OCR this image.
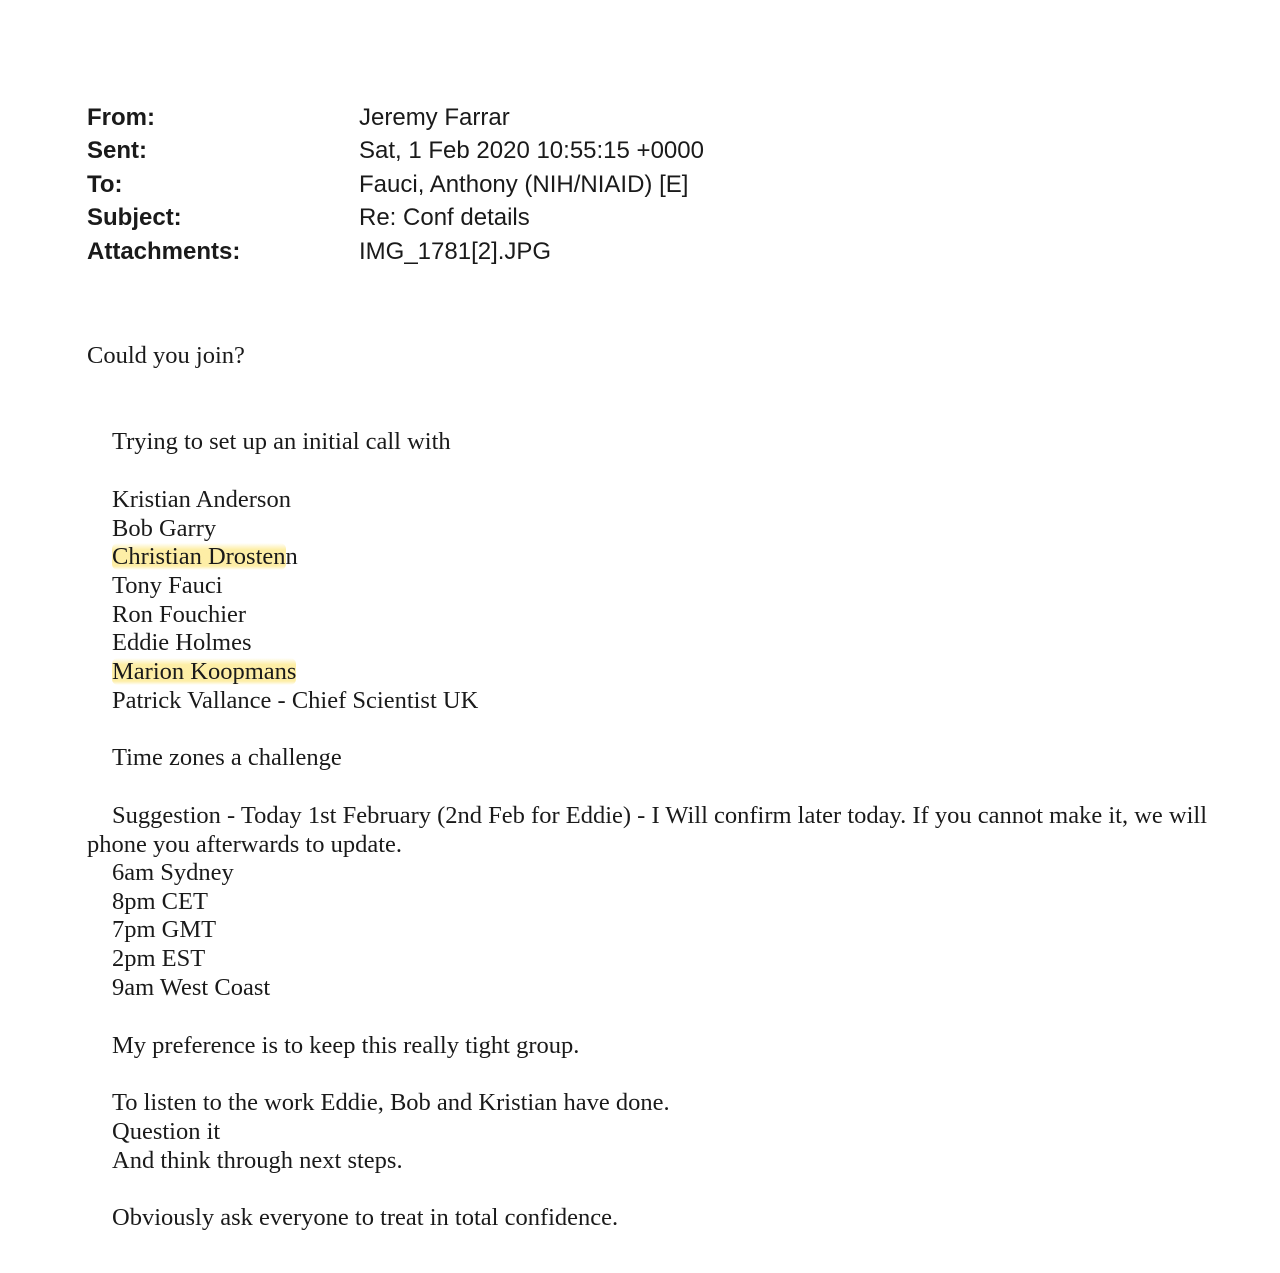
From:	Jeremy Farrar
Sent:	Sat, 1 Feb 2020 10:55:15 +0000
To:	Fauci, Anthony (NIH/NIAID) [E]
Subject:	Re: Conf details
Attachments:	IMG_1781[2].JPG
Could you join?
Trying to set up an initial call with
Kristian Anderson
Bob Garry
Christian Drostenn
Tony Fauci
Ron Fouchier
Eddie Holmes
Marion Koopmans
Patrick Vallance - Chief Scientist UK
Time zones a challenge
Suggestion - Today 1st February (2nd Feb for Eddie) - I Will confirm later today. If you cannot make it, we will
phone you afterwards to update.
6am Sydney
8pm CET
7pm GMT
2pm EST
9am West Coast
My preference is to keep this really tight group.
To listen to the work Eddie, Bob and Kristian have done.
Question it
And think through next steps.
Obviously ask everyone to treat in total confidence.
